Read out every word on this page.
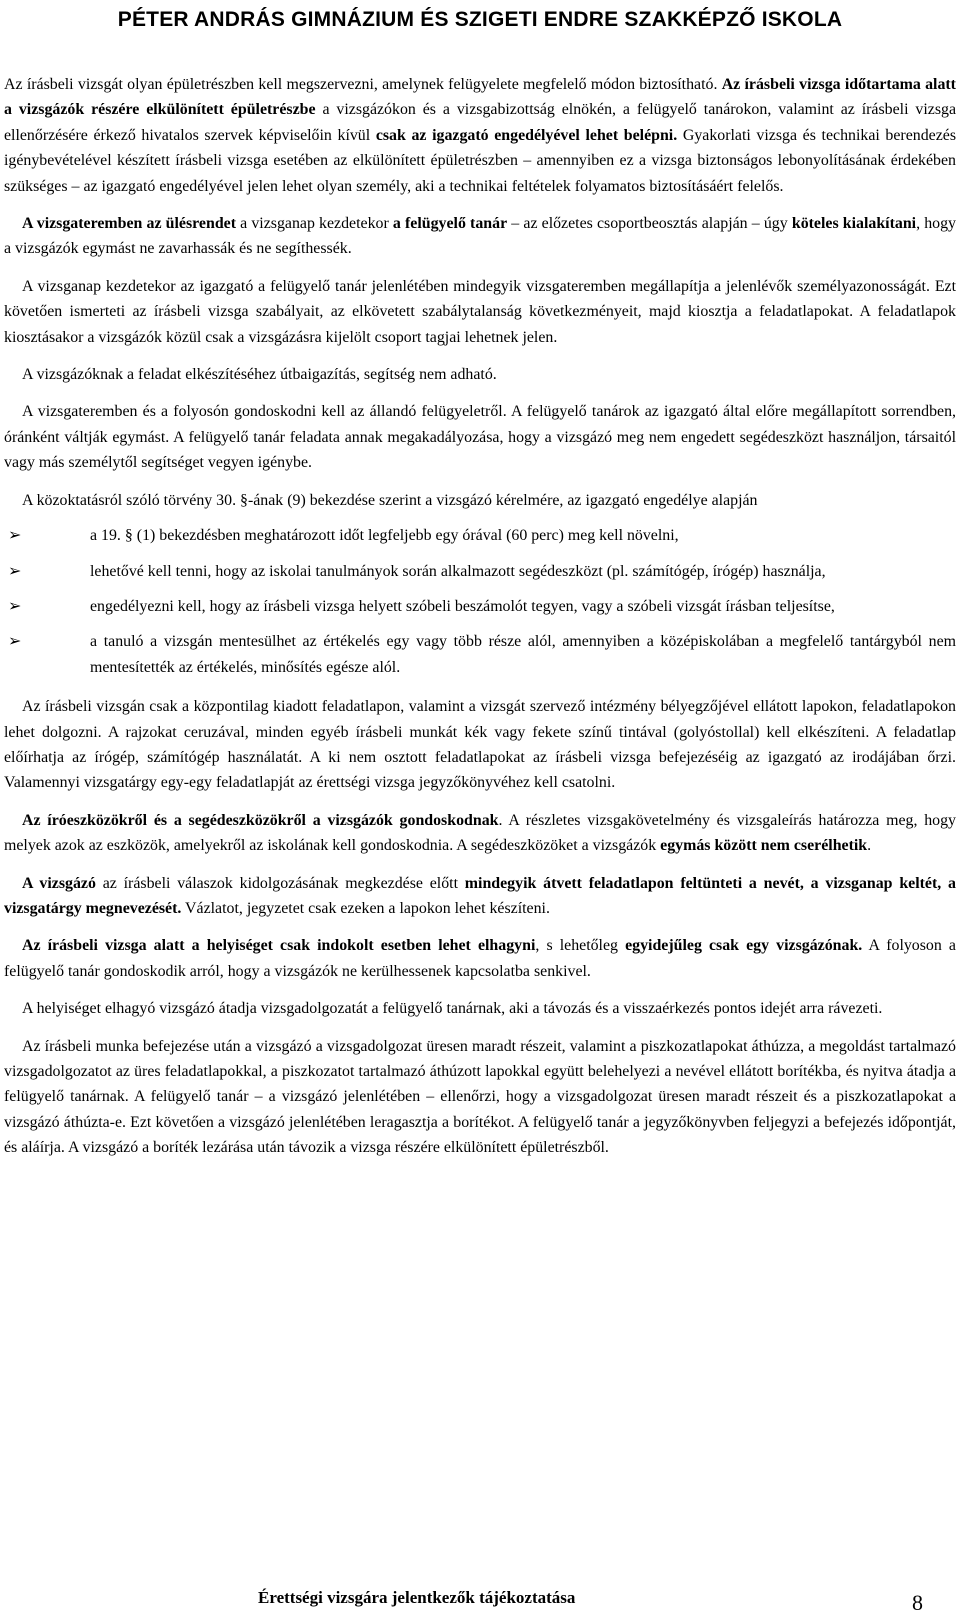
PÉTER ANDRÁS GIMNÁZIUM ÉS SZIGETI ENDRE SZAKKÉPZŐ ISKOLA

Az írásbeli vizsgát olyan épületrészben kell megszervezni, amelynek felügyelete megfelelő módon biztosítható. Az írásbeli vizsga időtartama alatt a vizsgázók részére elkülönített épületrészbe a vizsgázókon és a vizsgabizottság elnökén, a felügyelő tanárokon, valamint az írásbeli vizsga ellenőrzésére érkező hivatalos szervek képviselőin kívül csak az igazgató engedélyével lehet belépni. Gyakorlati vizsga és technikai berendezés igénybevételével készített írásbeli vizsga esetében az elkülönített épületrészben – amennyiben ez a vizsga biztonságos lebonyolításának érdekében szükséges – az igazgató engedélyével jelen lehet olyan személy, aki a technikai feltételek folyamatos biztosításáért felelős.

A vizsgateremben az ülésrendet a vizsganap kezdetekor a felügyelő tanár – az előzetes csoportbeosztás alapján – úgy köteles kialakítani, hogy a vizsgázók egymást ne zavarhassák és ne segíthessék.

A vizsganap kezdetekor az igazgató a felügyelő tanár jelenlétében mindegyik vizsgateremben megállapítja a jelenlévők személyazonosságát. Ezt követően ismerteti az írásbeli vizsga szabályait, az elkövetett szabálytalanság következményeit, majd kiosztja a feladatlapokat. A feladatlapok kiosztásakor a vizsgázók közül csak a vizsgázásra kijelölt csoport tagjai lehetnek jelen.

A vizsgázóknak a feladat elkészítéséhez útbaigazítás, segítség nem adható.

A vizsgateremben és a folyosón gondoskodni kell az állandó felügyeletről. A felügyelő tanárok az igazgató által előre megállapított sorrendben, óránként váltják egymást. A felügyelő tanár feladata annak megakadályozása, hogy a vizsgázó meg nem engedett segédeszközt használjon, társaitól vagy más személytől segítséget vegyen igénybe.

A közoktatásról szóló törvény 30. §-ának (9) bekezdése szerint a vizsgázó kérelmére, az igazgató engedélye alapján

➢	a 19. § (1) bekezdésben meghatározott időt legfeljebb egy órával (60 perc) meg kell növelni,
➢	lehetővé kell tenni, hogy az iskolai tanulmányok során alkalmazott segédeszközt (pl. számítógép, írógép) használja,
➢	engedélyezni kell, hogy az írásbeli vizsga helyett szóbeli beszámolót tegyen, vagy a szóbeli vizsgát írásban teljesítse,
➢	a tanuló a vizsgán mentesülhet az értékelés egy vagy több része alól, amennyiben a középiskolában a megfelelő tantárgyból nem mentesítették az értékelés, minősítés egésze alól.

Az írásbeli vizsgán csak a központilag kiadott feladatlapon, valamint a vizsgát szervező intézmény bélyegzőjével ellátott lapokon, feladatlapokon lehet dolgozni. A rajzokat ceruzával, minden egyéb írásbeli munkát kék vagy fekete színű tintával (golyóstollal) kell elkészíteni. A feladatlap előírhatja az írógép, számítógép használatát. A ki nem osztott feladatlapokat az írásbeli vizsga befejezéséig az igazgató az irodájában őrzi. Valamennyi vizsgatárgy egy-egy feladatlapját az érettségi vizsga jegyzőkönyvéhez kell csatolni.

Az íróeszközökről és a segédeszközökről a vizsgázók gondoskodnak. A részletes vizsgakövetelmény és vizsgaleírás határozza meg, hogy melyek azok az eszközök, amelyekről az iskolának kell gondoskodnia. A segédeszközöket a vizsgázók egymás között nem cserélhetik.

A vizsgázó az írásbeli válaszok kidolgozásának megkezdése előtt mindegyik átvett feladatlapon feltünteti a nevét, a vizsganap keltét, a vizsgatárgy megnevezését. Vázlatot, jegyzetet csak ezeken a lapokon lehet készíteni.

Az írásbeli vizsga alatt a helyiséget csak indokolt esetben lehet elhagyni, s lehetőleg egyidejűleg csak egy vizsgázónak. A folyoson a felügyelő tanár gondoskodik arról, hogy a vizsgázók ne kerülhessenek kapcsolatba senkivel.

A helyiséget elhagyó vizsgázó átadja vizsgadolgozatát a felügyelő tanárnak, aki a távozás és a visszaérkezés pontos idejét arra rávezeti.

Az írásbeli munka befejezése után a vizsgázó a vizsgadolgozat üresen maradt részeit, valamint a piszkozatlapokat áthúzza, a megoldást tartalmazó vizsgadolgozatot az üres feladatlapokkal, a piszkozatot tartalmazó áthúzott lapokkal együtt belehelyezi a nevével ellátott borítékba, és nyitva átadja a felügyelő tanárnak. A felügyelő tanár – a vizsgázó jelenlétében – ellenőrzi, hogy a vizsgadolgozat üresen maradt részeit és a piszkozatlapokat a vizsgázó áthúzta-e. Ezt követően a vizsgázó jelenlétében leragasztja a borítékot. A felügyelő tanár a jegyzőkönyvben feljegyzi a befejezés időpontját, és aláírja. A vizsgázó a boríték lezárása után távozik a vizsga részére elkülönített épületrészből.

Érettségi vizsgára jelentkezők tájékoztatása	8
